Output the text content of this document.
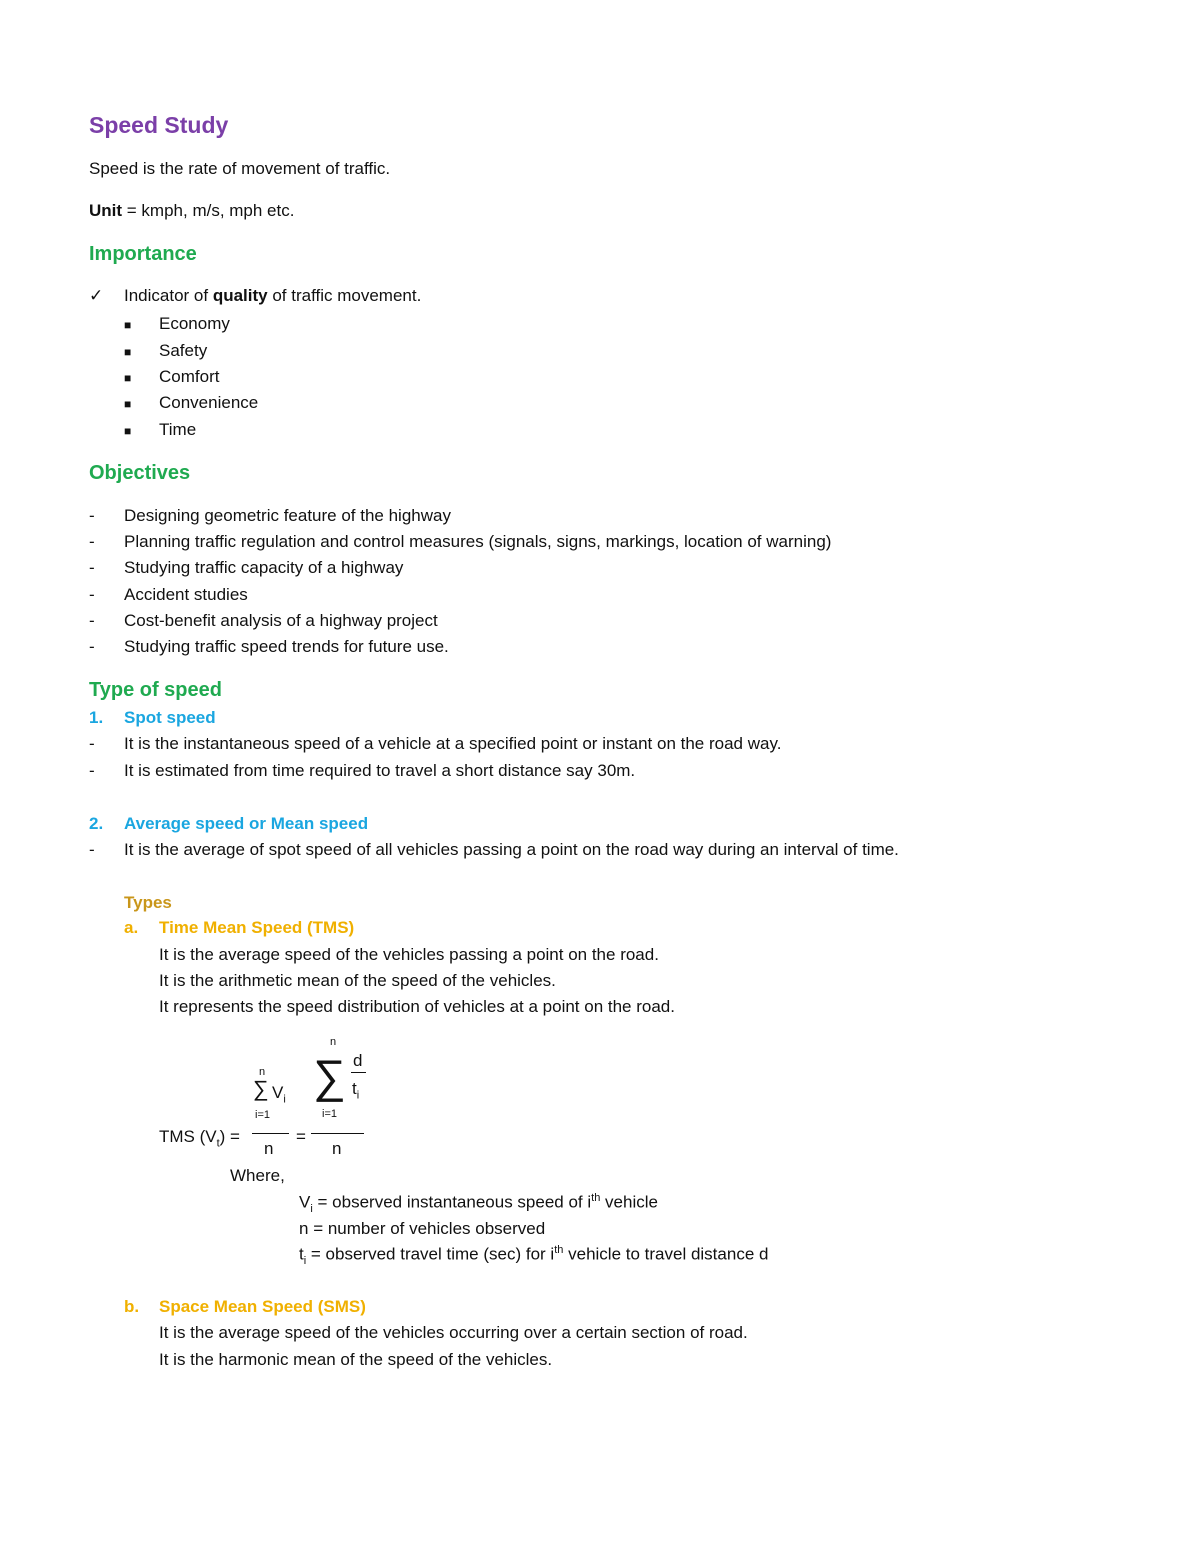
Speed Study
Speed is the rate of movement of traffic.
Unit = kmph, m/s, mph etc.
Importance
✓ Indicator of quality of traffic movement.
■ Economy
■ Safety
■ Comfort
■ Convenience
■ Time
Objectives
- Designing geometric feature of the highway
- Planning traffic regulation and control measures (signals, signs, markings, location of warning)
- Studying traffic capacity of a highway
- Accident studies
- Cost-benefit analysis of a highway project
- Studying traffic speed trends for future use.
Type of speed
1. Spot speed
- It is the instantaneous speed of a vehicle at a specified point or instant on the road way.
- It is estimated from time required to travel a short distance say 30m.
2. Average speed or Mean speed
- It is the average of spot speed of all vehicles passing a point on the road way during an interval of time.
Types
a. Time Mean Speed (TMS)
It is the average speed of the vehicles passing a point on the road.
It is the arithmetic mean of the speed of the vehicles.
It represents the speed distribution of vehicles at a point on the road.
n
∑ $V_i$
i=1
n
∑ d
$t_i$
i=1
TMS $(V_t)$ =	=
n	n
Where,
$V_i$ = observed instantaneous speed of $i^{th}$ vehicle
n = number of vehicles observed
$t_i$ = observed travel time (sec) for $i^{th}$ vehicle to travel distance d
b. Space Mean Speed (SMS)
It is the average speed of the vehicles occurring over a certain section of road.
It is the harmonic mean of the speed of the vehicles.
